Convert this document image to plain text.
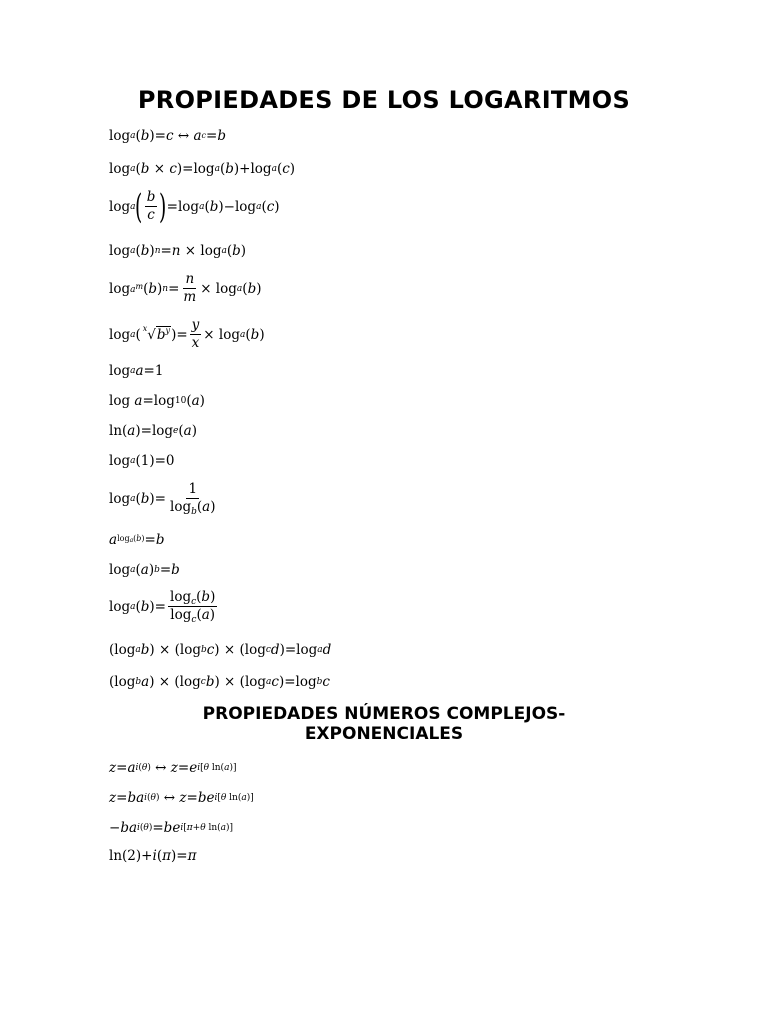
PROPIEDADES DE LOS LOGARITMOS
log a ( b )= c ↔ a c = b
log a ( b × c ) =log a ( b ) +log a ( c )
log a ( $\frac{b}{c}$ ) =log a ( b ) −log a ( c )
log a ( b ) n = n × log a ( b )
$\log a^m$ ( b ) $n = \frac{n}{m} \times \log a$ ( b )
log a ( $^x√b^y$ ) = $\frac{y}{x} \times \log a$ ( b )
log a a =1
log a =log 10 ( a )
ln ( a ) =log e ( a )
log a (1)=0
log a ( b )= $\frac{1}{\log_b(a)}$
a $\log_a(b) = b$
log a ( a ) b = b
log a ( b )= $\frac{\log_c(b)}{\log_c(a)}$
( log a b ) × ( log b c ) × ( log c d ) =log a d
( log b a ) × ( log c b ) × ( log a c ) =log b c
PROPIEDADES NÚMEROS COMPLEJOS-
EXPONENCIALES
z = a i(θ) ↔ z = e i[θ ln(a)]
z = ba i(θ) ↔ z = be i[θ ln(a)]
− ba i(θ) = be i[π+θ ln(a)]
ln ( 2 ) + i ( π ) = π
